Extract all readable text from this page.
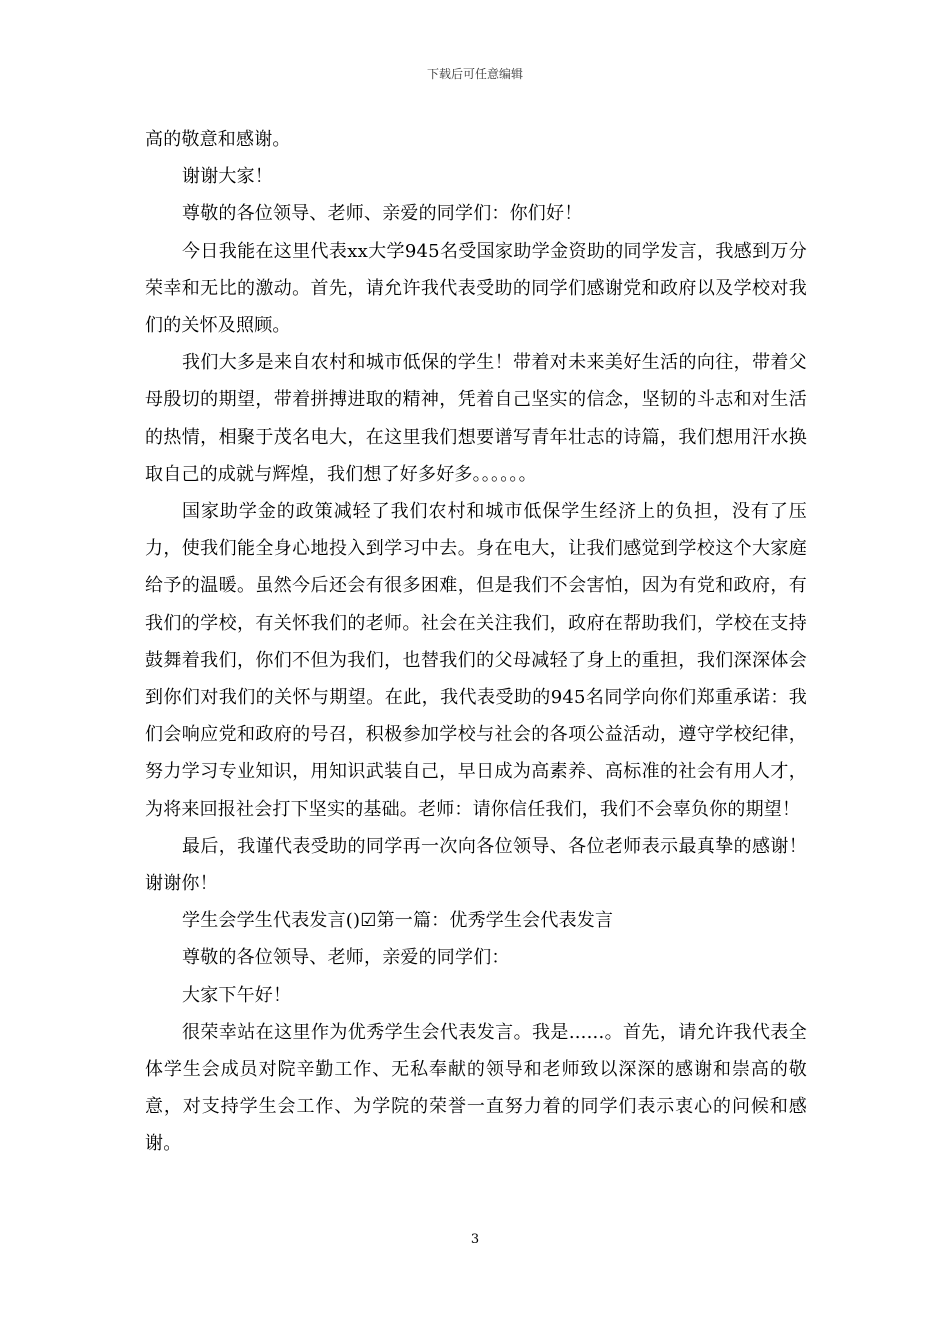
下载后可任意编辑

高的敬意和感谢。

谢谢大家！

尊敬的各位领导、老师、亲爱的同学们：你们好！

今日我能在这里代表xx大学945名受国家助学金资助的同学发言，我感到万分荣幸和无比的激动。首先，请允许我代表受助的同学们感谢党和政府以及学校对我们的关怀及照顾。

我们大多是来自农村和城市低保的学生！带着对未来美好生活的向往，带着父母殷切的期望，带着拼搏进取的精神，凭着自己坚实的信念，坚韧的斗志和对生活的热情，相聚于茂名电大，在这里我们想要谱写青年壮志的诗篇，我们想用汗水换取自己的成就与辉煌，我们想了好多好多。。。。。。

国家助学金的政策减轻了我们农村和城市低保学生经济上的负担，没有了压力，使我们能全身心地投入到学习中去。身在电大，让我们感觉到学校这个大家庭给予的温暖。虽然今后还会有很多困难，但是我们不会害怕，因为有党和政府，有我们的学校，有关怀我们的老师。社会在关注我们，政府在帮助我们，学校在支持鼓舞着我们，你们不但为我们，也替我们的父母减轻了身上的重担，我们深深体会到你们对我们的关怀与期望。在此，我代表受助的945名同学向你们郑重承诺：我们会响应党和政府的号召，积极参加学校与社会的各项公益活动，遵守学校纪律，努力学习专业知识，用知识武装自己，早日成为高素养、高标准的社会有用人才，为将来回报社会打下坚实的基础。老师：请你信任我们，我们不会辜负你的期望！

最后，我谨代表受助的同学再一次向各位领导、各位老师表示最真挚的感谢！谢谢你！

学生会学生代表发言()☑第一篇：优秀学生会代表发言

尊敬的各位领导、老师，亲爱的同学们：

大家下午好！

很荣幸站在这里作为优秀学生会代表发言。我是......。首先，请允许我代表全体学生会成员对院辛勤工作、无私奉献的领导和老师致以深深的感谢和崇高的敬意，对支持学生会工作、为学院的荣誉一直努力着的同学们表示衷心的问候和感谢。

3
